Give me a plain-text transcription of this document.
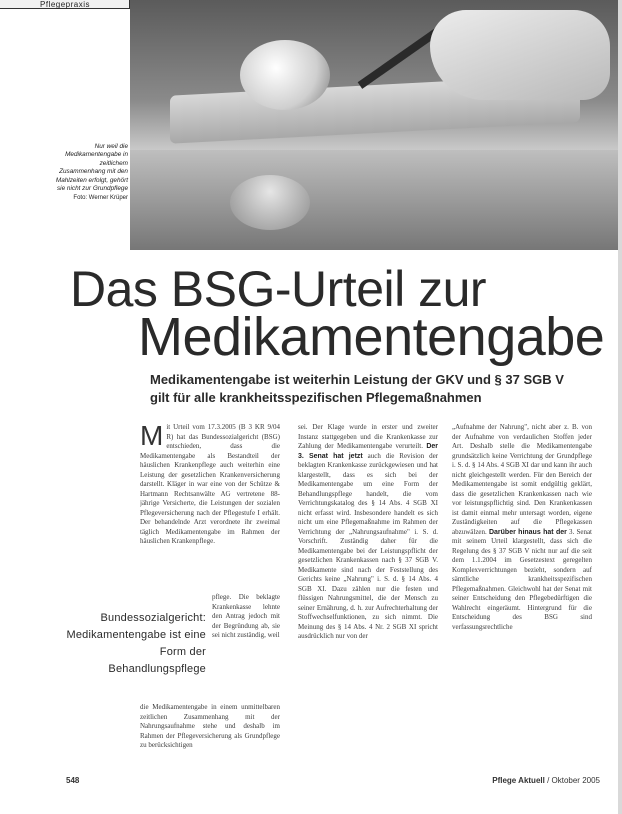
Pflegepraxis
Nur weil die Medikamentengabe in zeitlichem Zusammenhang mit den Mahlzeiten erfolgt, gehört sie nicht zur Grundpflege
Foto: Werner Krüper
Das BSG-Urteil zur
Medikamentengabe
Medikamentengabe ist weiterhin Leistung der GKV und § 37 SGB V gilt für alle krankheitsspezifischen Pflegemaßnahmen
M it Urteil vom 17.3.2005 (B 3 KR 9/04 R) hat das Bundessozialgericht (BSG) entschieden, dass die Medikamentengabe als Bestandteil der häuslichen Krankenpflege auch weiterhin eine Leistung der gesetzlichen Krankenversicherung darstellt. Kläger in war eine von der Schütze & Hartmann Rechtsanwälte AG vertretene 88-jährige Versicherte, die Leistungen der sozialen Pflegeversicherung nach der Pflegestufe I erhält. Der behandelnde Arzt verordnete ihr zweimal täglich Medikamentengabe im Rahmen der häuslichen Krankenpflege.
pflege. Die beklagte Krankenkasse lehnte den Antrag jedoch mit der Begründung ab, sie sei nicht zuständig, weil
die Medikamentengabe in einem unmittelbaren zeitlichen Zusammenhang mit der Nahrungsaufnahme stehe und deshalb im Rahmen der Pflegeversicherung als Grundpflege zu berücksichtigen
Bundessozialgericht: Medikamentengabe ist eine Form der Behandlungspflege
sei. Der Klage wurde in erster und zweiter Instanz stattgegeben und die Krankenkasse zur Zahlung der Medikamentengabe verurteilt. Der 3. Senat hat jetzt auch die Revision der beklagten Krankenkasse zurückgewiesen und hat klargestellt, dass es sich bei der Medikamentengabe um eine Form der Behandlungspflege handelt, die vom Verrichtungskatalog des § 14 Abs. 4 SGB XI nicht erfasst wird. Insbesondere handelt es sich nicht um eine Pflegemaßnahme im Rahmen der Verrichtung der „Nahrungsaufnahme" i. S. d. Vorschrift. Zuständig daher für die Medikamentengabe bei der Leistungspflicht der gesetzlichen Krankenkassen nach § 37 SGB V. Medikamente sind nach der Feststellung des Gerichts keine „Nahrung" i. S. d. § 14 Abs. 4 SGB XI. Dazu zählen nur die festen und flüssigen Nahrungsmittel, die der Mensch zu seiner Ernährung, d. h. zur Aufrechterhaltung der Stoffwechselfunktionen, zu sich nimmt. Die Meinung des § 14 Abs. 4 Nr. 2 SGB XI spricht ausdrücklich nur von der
„Aufnahme der Nahrung", nicht aber z. B. von der Aufnahme von verdaulichen Stoffen jeder Art. Deshalb stelle die Medikamentengabe grundsätzlich keine Verrichtung der Grundpflege i. S. d. § 14 Abs. 4 SGB XI dar und kann ihr auch nicht gleichgestellt werden. Für den Bereich der Medikamentengabe ist somit endgültig geklärt, dass die gesetzlichen Krankenkassen nach wie vor leistungspflichtig sind. Den Krankenkassen ist damit einmal mehr untersagt worden, eigene Zuständigkeiten auf die Pflegekassen abzuwälzen. Darüber hinaus hat der 3. Senat mit seinem Urteil klargestellt, dass sich die Regelung des § 37 SGB V nicht nur auf die seit dem 1.1.2004 im Gesetzestext geregelten Komplexverrichtungen bezieht, sondern auf sämtliche krankheitsspezifischen Pflegemaßnahmen. Gleichwohl hat der Senat mit seiner Entscheidung den Pflegebedürftigen die Wahlrecht eingeräumt. Hintergrund für die Entscheidung des BSG sind verfassungsrechtliche
548	Pflege Aktuell / Oktober 2005
